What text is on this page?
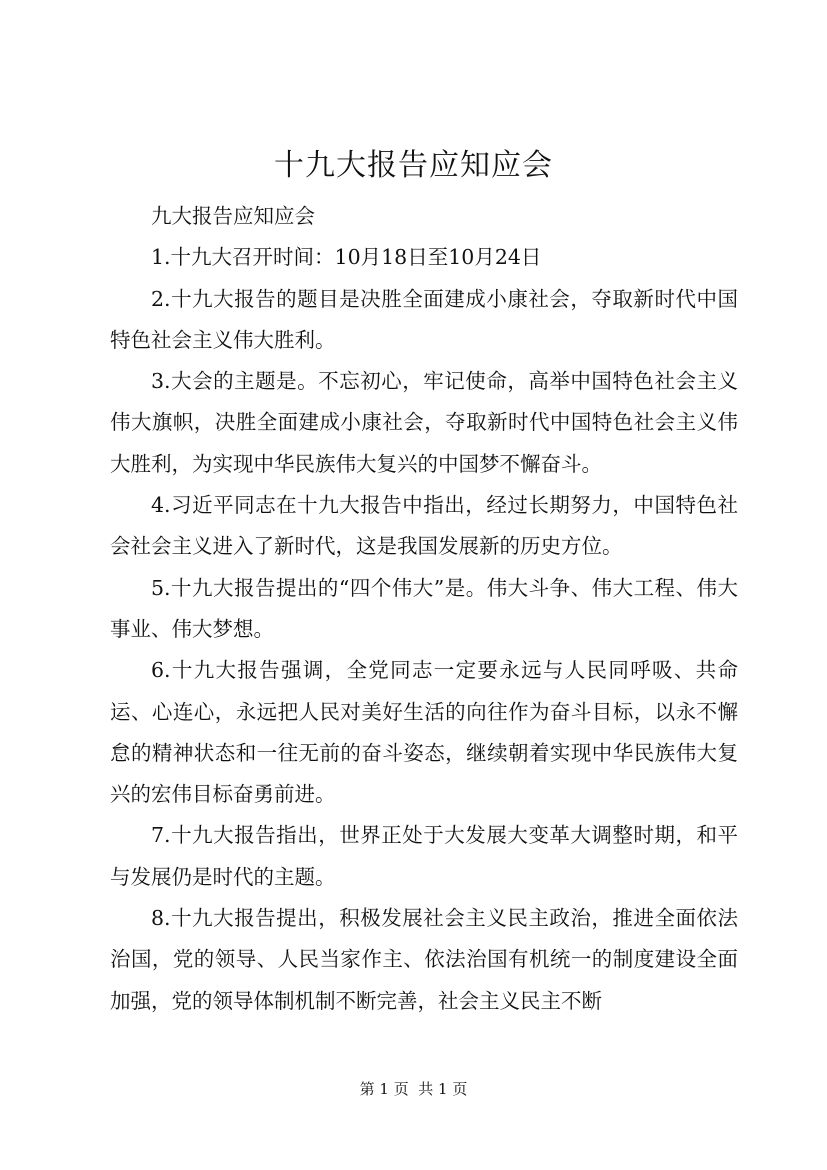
十九大报告应知应会

九大报告应知应会

1.十九大召开时间：10月18日至10月24日

2.十九大报告的题目是决胜全面建成小康社会，夺取新时代中国特色社会主义伟大胜利。

3.大会的主题是。不忘初心，牢记使命，高举中国特色社会主义伟大旗帜，决胜全面建成小康社会，夺取新时代中国特色社会主义伟大胜利，为实现中华民族伟大复兴的中国梦不懈奋斗。

4.习近平同志在十九大报告中指出，经过长期努力，中国特色社会社会主义进入了新时代，这是我国发展新的历史方位。

5.十九大报告提出的“四个伟大”是。伟大斗争、伟大工程、伟大事业、伟大梦想。

6.十九大报告强调，全党同志一定要永远与人民同呼吸、共命运、心连心，永远把人民对美好生活的向往作为奋斗目标，以永不懈怠的精神状态和一往无前的奋斗姿态，继续朝着实现中华民族伟大复兴的宏伟目标奋勇前进。

7.十九大报告指出，世界正处于大发展大变革大调整时期，和平与发展仍是时代的主题。

8.十九大报告提出，积极发展社会主义民主政治，推进全面依法治国，党的领导、人民当家作主、依法治国有机统一的制度建设全面加强，党的领导体制机制不断完善，社会主义民主不断

第 1 页  共 1 页
